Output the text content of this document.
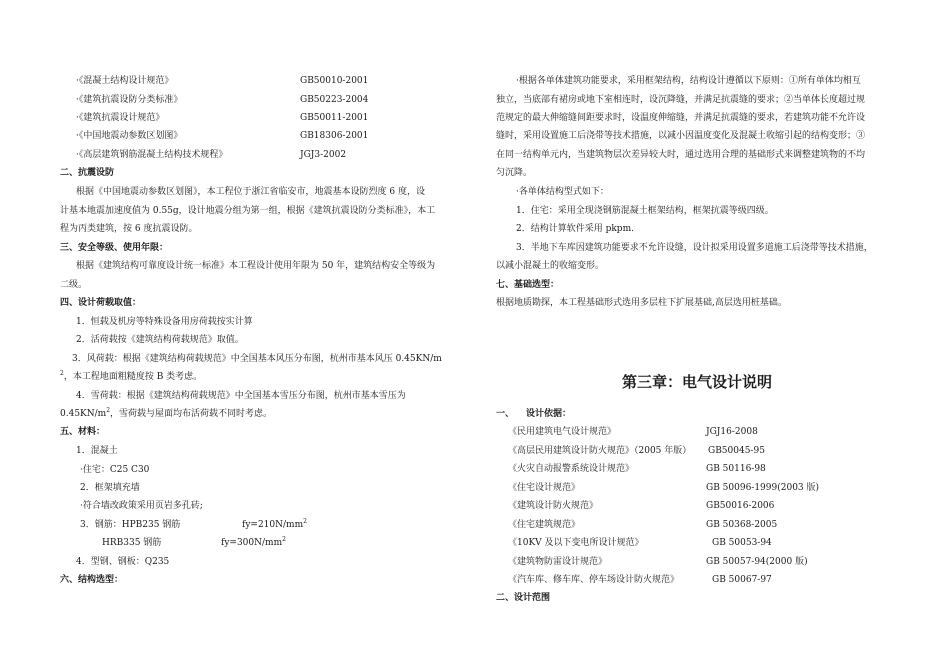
·《混凝土结构设计规范》	GB50010-2001
·《建筑抗震设防分类标准》	GB50223-2004
·《建筑抗震设计规范》	GB50011-2001
·《中国地震动参数区划图》	GB18306-2001
·《高层建筑钢筋混凝土结构技术规程》	JGJ3-2002
二、抗震设防
根据《中国地震动参数区划图》，本工程位于浙江省临安市，地震基本设防烈度 6 度，设
计基本地震加速度值为 0.55g，设计地震分组为第一组，根据《建筑抗震设防分类标准》，本工
程为丙类建筑，按 6 度抗震设防。
三、安全等级、使用年限：
根据《建筑结构可靠度设计统一标准》本工程设计使用年限为 50 年，建筑结构安全等级为
二级。
四、设计荷载取值：
1．恒载及机房等特殊设备用房荷载按实计算
2．活荷载按《建筑结构荷载规范》取值。
3．风荷载：根据《建筑结构荷载规范》中全国基本风压分布图，杭州市基本风压 0.45KN/m
$^2$，本工程地面粗糙度按 B 类考虑。
4．雪荷载：根据《建筑结构荷载规范》中全国基本雪压分布图，杭州市基本雪压为
$0.45KN/m^2$，雪荷载与屋面均布活荷载不同时考虑。
五、材料：
1．混凝土
·住宅：C25 C30
2．框架填充墙
·符合墙改政策采用页岩多孔砖;
3．钢筋：HPB235 钢筋	$fy=210N/mm^2$
HRB335 钢筋	$fy=300N/mm^2$
4．型钢、钢板：Q235
六、结构选型：
·根据各单体建筑功能要求，采用框架结构，结构设计遵循以下原则：①所有单体均相互
独立，当底部有裙房或地下室相连时，设沉降缝，并满足抗震缝的要求；②当单体长度超过规
范规定的最大伸缩缝间距要求时，设温度伸缩缝，并满足抗震缝的要求，若建筑功能不允许设
缝时，采用设置施工后浇带等技术措施，以减小因温度变化及混凝土收缩引起的结构变形；③
在同一结构单元内，当建筑物层次差异较大时，通过选用合理的基础形式来调整建筑物的不均
匀沉降。
·各单体结构型式如下：
1．住宅：采用全现浇钢筋混凝土框架结构，框架抗震等级四级。
2．结构计算软件采用 pkpm.
3．半地下车库因建筑功能要求不允许设缝，设计拟采用设置多道施工后浇带等技术措施，
以减小混凝土的收缩变形。
七、基础选型：
根据地质勘探，本工程基础形式选用多层柱下扩展基础,高层选用桩基础。
第三章：电气设计说明
一、 设计依据：
《民用建筑电气设计规范》	JGJ16-2008
《高层民用建筑设计防火规范》（2005 年版） GB50045-95
《火灾自动报警系统设计规范》	GB 50116-98
《住宅设计规范》	GB 50096-1999(2003 版)
《建筑设计防火规范》	GB50016-2006
《住宅建筑规范》	GB 50368-2005
《10KV 及以下变电所设计规范》	GB 50053-94
《建筑物防雷设计规范》	GB 50057-94(2000 版)
《汽车库、修车库、停车场设计防火规范》	GB 50067-97
二、设计范围
